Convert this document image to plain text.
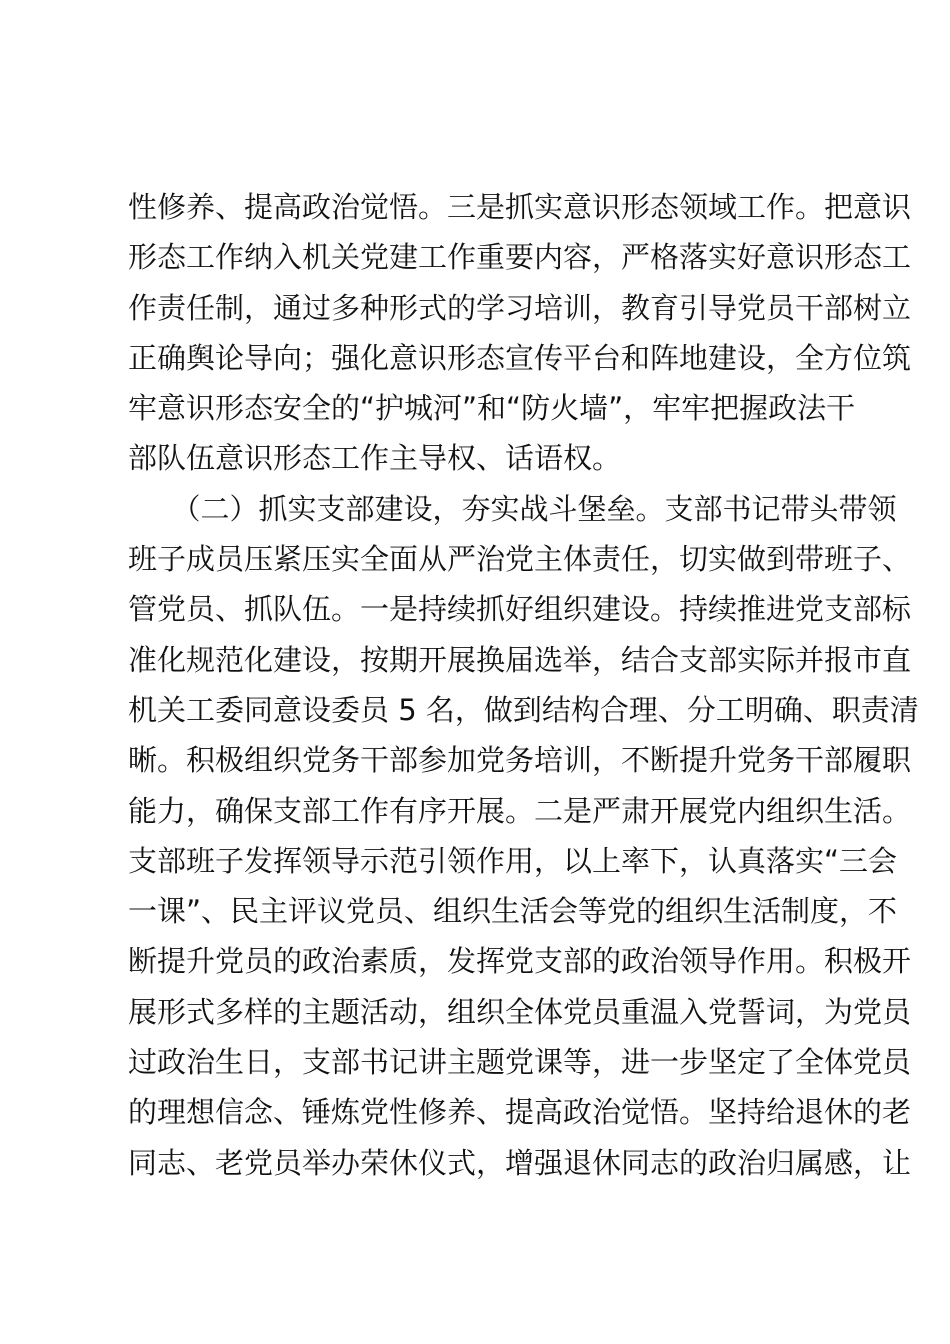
性修养、提高政治觉悟。三是抓实意识形态领域工作。把意识
形态工作纳入机关党建工作重要内容，严格落实好意识形态工
作责任制，通过多种形式的学习培训，教育引导党员干部树立
正确舆论导向；强化意识形态宣传平台和阵地建设，全方位筑
牢意识形态安全的“护城河”和“防火墙”，牢牢把握政法干
部队伍意识形态工作主导权、话语权。
　　（二）抓实支部建设，夯实战斗堡垒。支部书记带头带领
班子成员压紧压实全面从严治党主体责任，切实做到带班子、
管党员、抓队伍。一是持续抓好组织建设。持续推进党支部标
准化规范化建设，按期开展换届选举，结合支部实际并报市直
机关工委同意设委员 5 名，做到结构合理、分工明确、职责清
晰。积极组织党务干部参加党务培训，不断提升党务干部履职
能力，确保支部工作有序开展。二是严肃开展党内组织生活。
支部班子发挥领导示范引领作用，以上率下，认真落实“三会
一课”、民主评议党员、组织生活会等党的组织生活制度，不
断提升党员的政治素质，发挥党支部的政治领导作用。积极开
展形式多样的主题活动，组织全体党员重温入党誓词，为党员
过政治生日，支部书记讲主题党课等，进一步坚定了全体党员
的理想信念、锤炼党性修养、提高政治觉悟。坚持给退休的老
同志、老党员举办荣休仪式，增强退休同志的政治归属感，让
